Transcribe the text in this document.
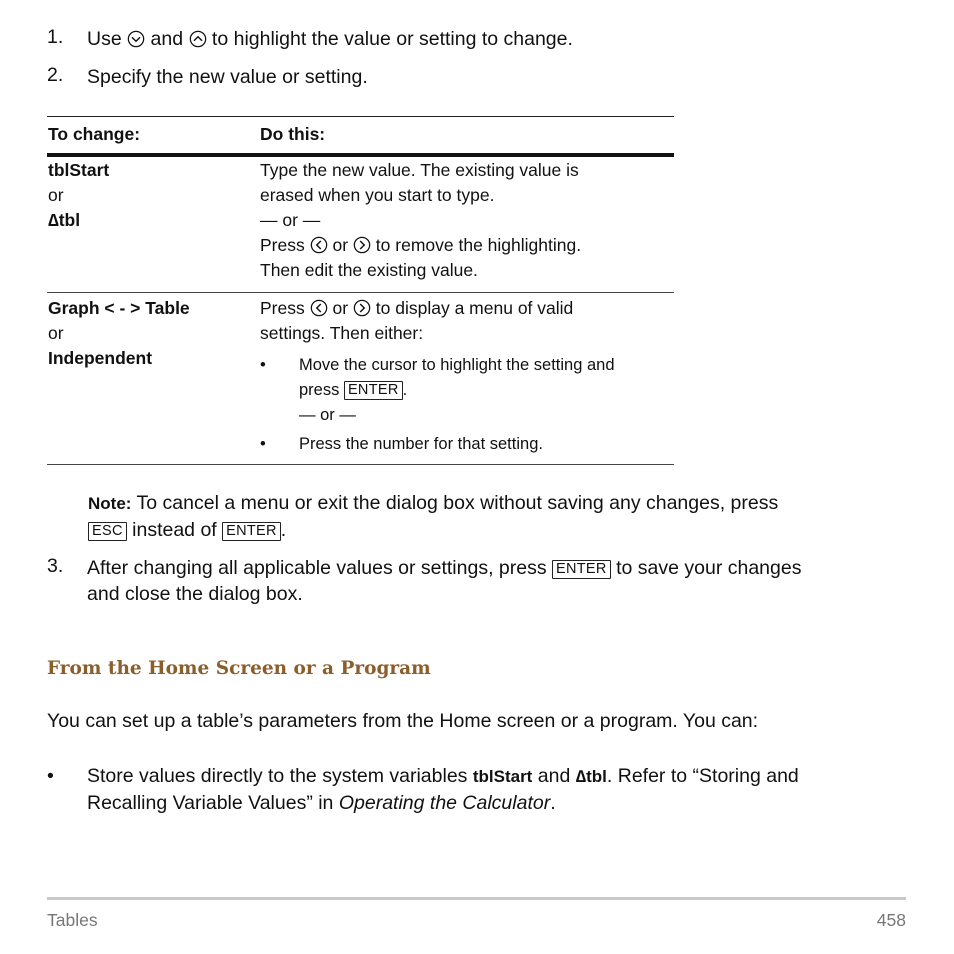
1. Use and to highlight the value or setting to change.
2. Specify the new value or setting.
To change:	Do this:
tblStart
or
∆tbl
Type the new value. The existing value is
erased when you start to type.
— or —
Press or to remove the highlighting.
Then edit the existing value.
Graph < - > Table
or
Independent
Press or to display a menu of valid
settings. Then either:
• Move the cursor to highlight the setting and
press ENTER .
— or —
• Press the number for that setting.
Note: To cancel a menu or exit the dialog box without saving any changes, press
ESC instead of ENTER .
3. After changing all applicable values or settings, press ENTER to save your changes
and close the dialog box.
From the Home Screen or a Program
You can set up a table’s parameters from the Home screen or a program. You can:
• Store values directly to the system variables tblStart and ∆tbl. Refer to “Storing and
Recalling Variable Values” in Operating the Calculator.
Tables	458
